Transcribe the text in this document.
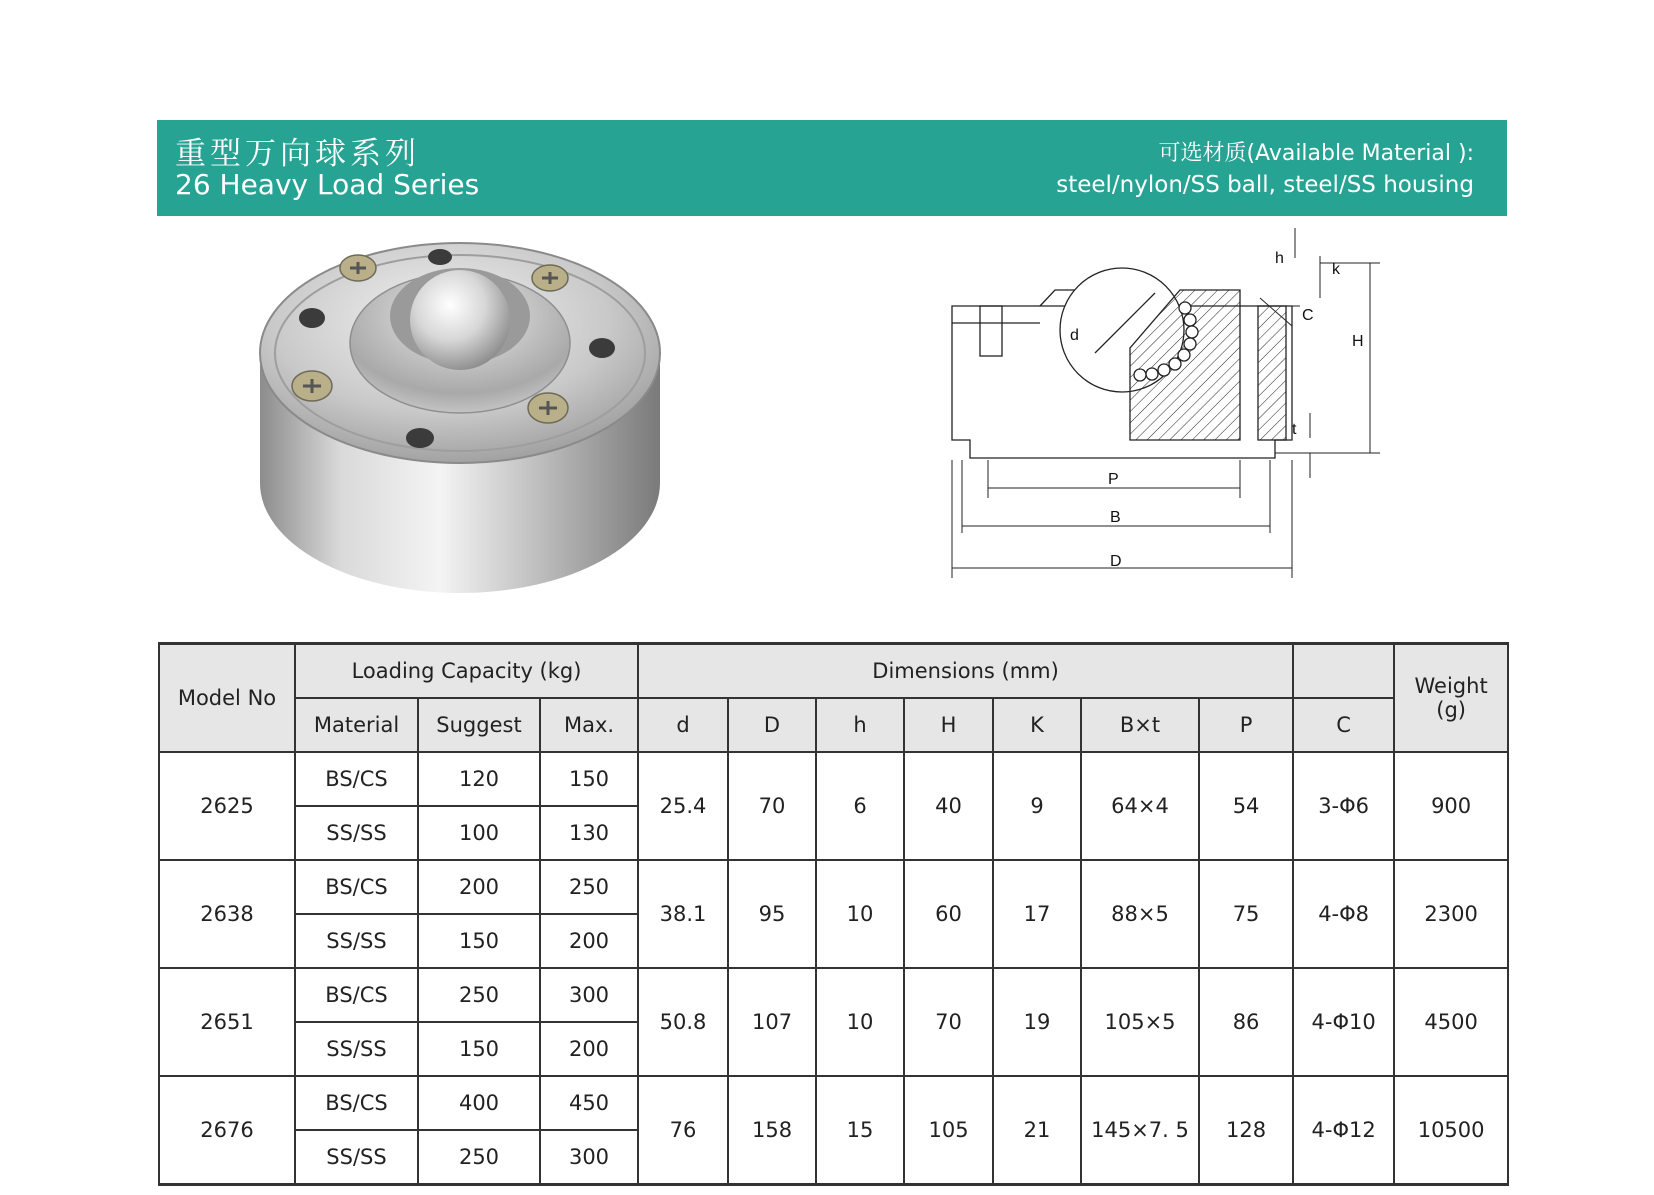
重型万向球系列
26 Heavy Load Series
可选材质(Available Material ):
steel/nylon/SS ball, steel/SS housing
h
k
C
d	H
t
P
B
D
Model No	Loading Capacity (kg)			Dimensions (mm)								Weight
(g)
	Material	Suggest	Max.	d	D	h	H	K	B×t	P	C	
2625	BS/CS	120	150	25.4	70	6	40	9	64×4	54	3-Φ6	900
	SS/SS	100	130									
2638	BS/CS	200	250	38.1	95	10	60	17	88×5	75	4-Φ8	2300
	SS/SS	150	200									
2651	BS/CS	250	300	50.8	107	10	70	19	105×5	86	4-Φ10	4500
	SS/SS	150	200									
2676	BS/CS	400	450	76	158	15	105	21	145×7. 5	128	4-Φ12	10500
	SS/SS	250	300									
